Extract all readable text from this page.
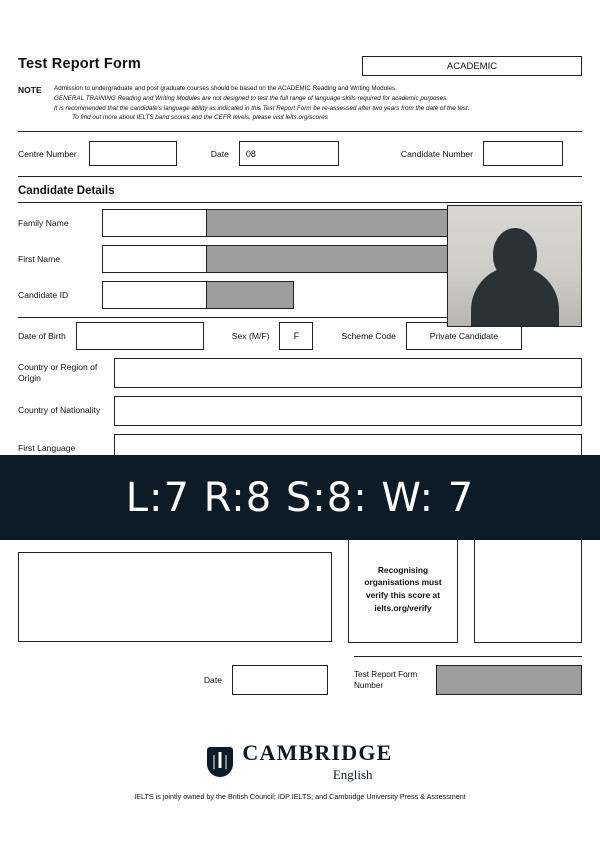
Test Report Form	ACADEMIC
NOTE	Admission to undergraduate and post graduate courses should be based on the ACADEMIC Reading and Writing Modules.
GENERAL TRAINING Reading and Writing Modules are not designed to test the full range of language skills required for academic purposes.
It is recommended that the candidate's language ability as indicated in this Test Report Form be re-assessed after two years from the date of the test.
To find out more about IELTS band scores and the CEFR levels, please visit ielts.org/scores
Centre Number	Date 08	Candidate Number
Candidate Details
Family Name
First Name
Candidate ID
Date of Birth	Sex (M/F)	F	Scheme Code	Private Candidate
Country or Region of Origin
Country of Nationality
First Language
Recognising organisations must verify this score at ielts.org/verify
Date
Test Report Form Number
CAMBRIDGE
English
IELTS is jointly owned by the British Council; IDP IELTS; and Cambridge University Press & Assessment
L:7 R:8 S:8: W: 7
